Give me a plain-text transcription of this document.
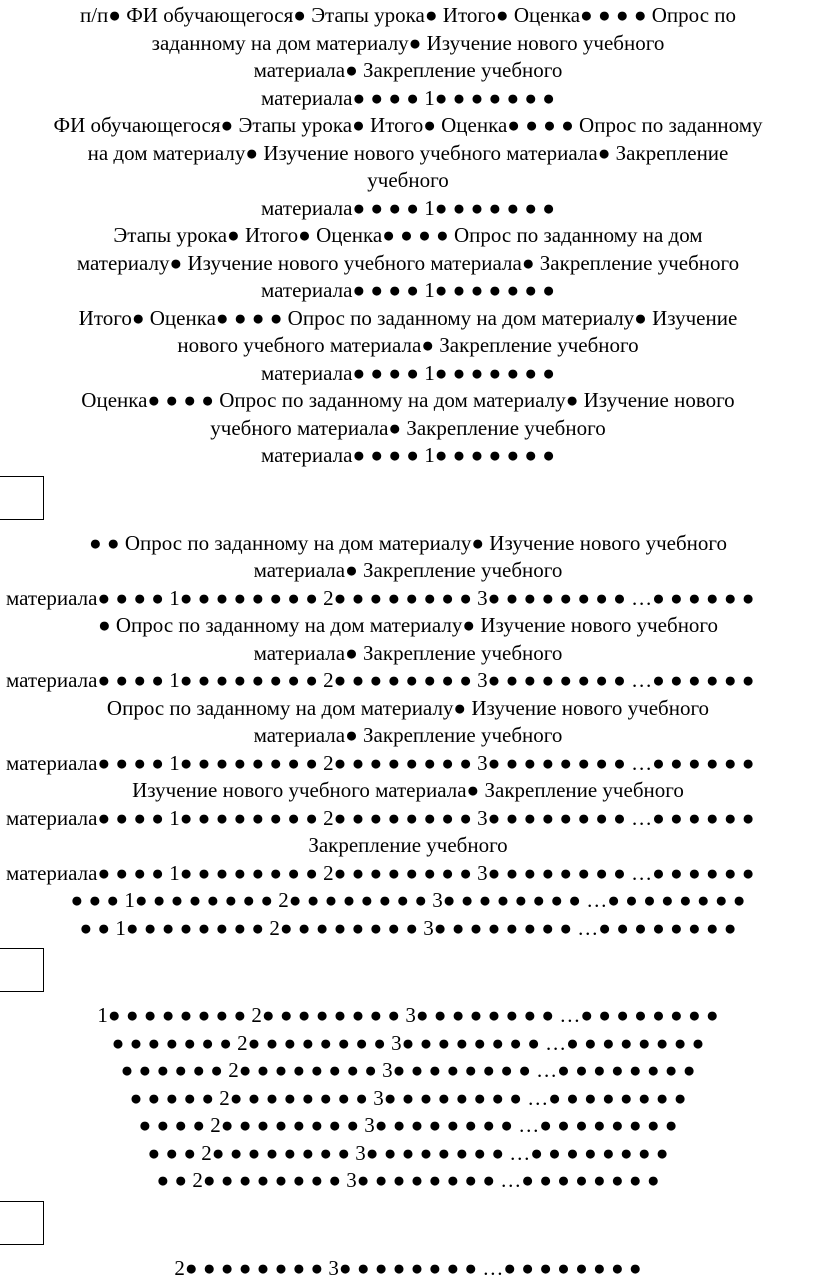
п/п● ФИ обучающегося● Этапы урока● Итого● Оценка● ● ● ● Опрос по
заданному на дом материалу● Изучение нового учебного
материала● Закрепление учебного
материала● ● ● ● 1● ● ● ● ● ● ●
ФИ обучающегося● Этапы урока● Итого● Оценка● ● ● ● Опрос по заданному
на дом материалу● Изучение нового учебного материала● Закрепление
учебного
материала● ● ● ● 1● ● ● ● ● ● ●
Этапы урока● Итого● Оценка● ● ● ● Опрос по заданному на дом
материалу● Изучение нового учебного материала● Закрепление учебного
материала● ● ● ● 1● ● ● ● ● ● ●
Итого● Оценка● ● ● ● Опрос по заданному на дом материалу● Изучение
нового учебного материала● Закрепление учебного
материала● ● ● ● 1● ● ● ● ● ● ●
Оценка● ● ● ● Опрос по заданному на дом материалу● Изучение нового
учебного материала● Закрепление учебного
материала● ● ● ● 1● ● ● ● ● ● ●
● ● Опрос по заданному на дом материалу● Изучение нового учебного
материала● Закрепление учебного
материала● ● ● ● 1● ● ● ● ● ● ● ● 2● ● ● ● ● ● ● ● 3● ● ● ● ● ● ● ● …● ● ● ● ● ●
● Опрос по заданному на дом материалу● Изучение нового учебного
материала● Закрепление учебного
материала● ● ● ● 1● ● ● ● ● ● ● ● 2● ● ● ● ● ● ● ● 3● ● ● ● ● ● ● ● …● ● ● ● ● ●
Опрос по заданному на дом материалу● Изучение нового учебного
материала● Закрепление учебного
материала● ● ● ● 1● ● ● ● ● ● ● ● 2● ● ● ● ● ● ● ● 3● ● ● ● ● ● ● ● …● ● ● ● ● ●
Изучение нового учебного материала● Закрепление учебного
материала● ● ● ● 1● ● ● ● ● ● ● ● 2● ● ● ● ● ● ● ● 3● ● ● ● ● ● ● ● …● ● ● ● ● ●
Закрепление учебного
материала● ● ● ● 1● ● ● ● ● ● ● ● 2● ● ● ● ● ● ● ● 3● ● ● ● ● ● ● ● …● ● ● ● ● ●
● ● ● 1● ● ● ● ● ● ● ● 2● ● ● ● ● ● ● ● 3● ● ● ● ● ● ● ● …● ● ● ● ● ● ● ●
● ● 1● ● ● ● ● ● ● ● 2● ● ● ● ● ● ● ● 3● ● ● ● ● ● ● ● …● ● ● ● ● ● ● ●
1● ● ● ● ● ● ● ● 2● ● ● ● ● ● ● ● 3● ● ● ● ● ● ● ● …● ● ● ● ● ● ● ●
● ● ● ● ● ● ● 2● ● ● ● ● ● ● ● 3● ● ● ● ● ● ● ● …● ● ● ● ● ● ● ●
● ● ● ● ● ● 2● ● ● ● ● ● ● ● 3● ● ● ● ● ● ● ● …● ● ● ● ● ● ● ●
● ● ● ● ● 2● ● ● ● ● ● ● ● 3● ● ● ● ● ● ● ● …● ● ● ● ● ● ● ●
● ● ● ● 2● ● ● ● ● ● ● ● 3● ● ● ● ● ● ● ● …● ● ● ● ● ● ● ●
● ● ● 2● ● ● ● ● ● ● ● 3● ● ● ● ● ● ● ● …● ● ● ● ● ● ● ●
● ● 2● ● ● ● ● ● ● ● 3● ● ● ● ● ● ● ● …● ● ● ● ● ● ● ●
2● ● ● ● ● ● ● ● 3● ● ● ● ● ● ● ● …● ● ● ● ● ● ● ●
